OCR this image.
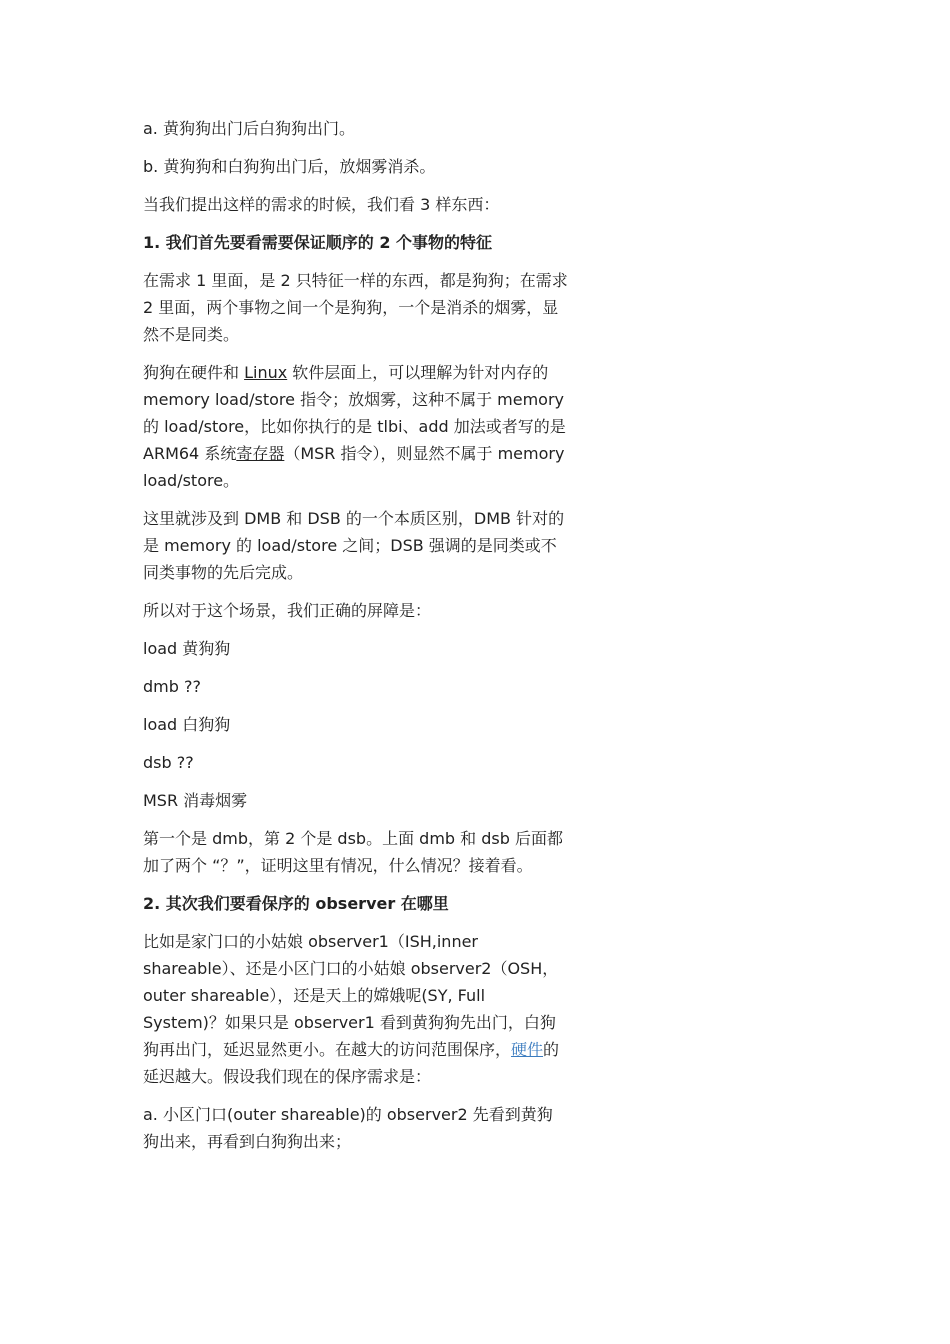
a. 黄狗狗出门后白狗狗出门。

b. 黄狗狗和白狗狗出门后，放烟雾消杀。

当我们提出这样的需求的时候，我们看 3 样东西：

1. 我们首先要看需要保证顺序的 2 个事物的特征

在需求 1 里面，是 2 只特征一样的东西，都是狗狗；在需求 2 里面，两个事物之间一个是狗狗，一个是消杀的烟雾，显然不是同类。

狗狗在硬件和 Linux 软件层面上，可以理解为针对内存的 memory load/store 指令；放烟雾，这种不属于 memory 的 load/store，比如你执行的是 tlbi、add 加法或者写的是 ARM64 系统寄存器（MSR 指令），则显然不属于 memory load/store。

这里就涉及到 DMB 和 DSB 的一个本质区别，DMB 针对的是 memory 的 load/store 之间；DSB 强调的是同类或不同类事物的先后完成。

所以对于这个场景，我们正确的屏障是：

load 黄狗狗

dmb ??

load 白狗狗

dsb ??

MSR 消毒烟雾

第一个是 dmb，第 2 个是 dsb。上面 dmb 和 dsb 后面都加了两个 “？”，证明这里有情况，什么情况？接着看。

2. 其次我们要看保序的 observer 在哪里

比如是家门口的小姑娘 observer1（ISH,inner shareable）、还是小区门口的小姑娘 observer2（OSH，outer shareable），还是天上的嫦娥呢(SY, Full System)？如果只是 observer1 看到黄狗狗先出门，白狗狗再出门，延迟显然更小。在越大的访问范围保序，硬件的延迟越大。假设我们现在的保序需求是：

a. 小区门口(outer shareable)的 observer2 先看到黄狗狗出来，再看到白狗狗出来；
